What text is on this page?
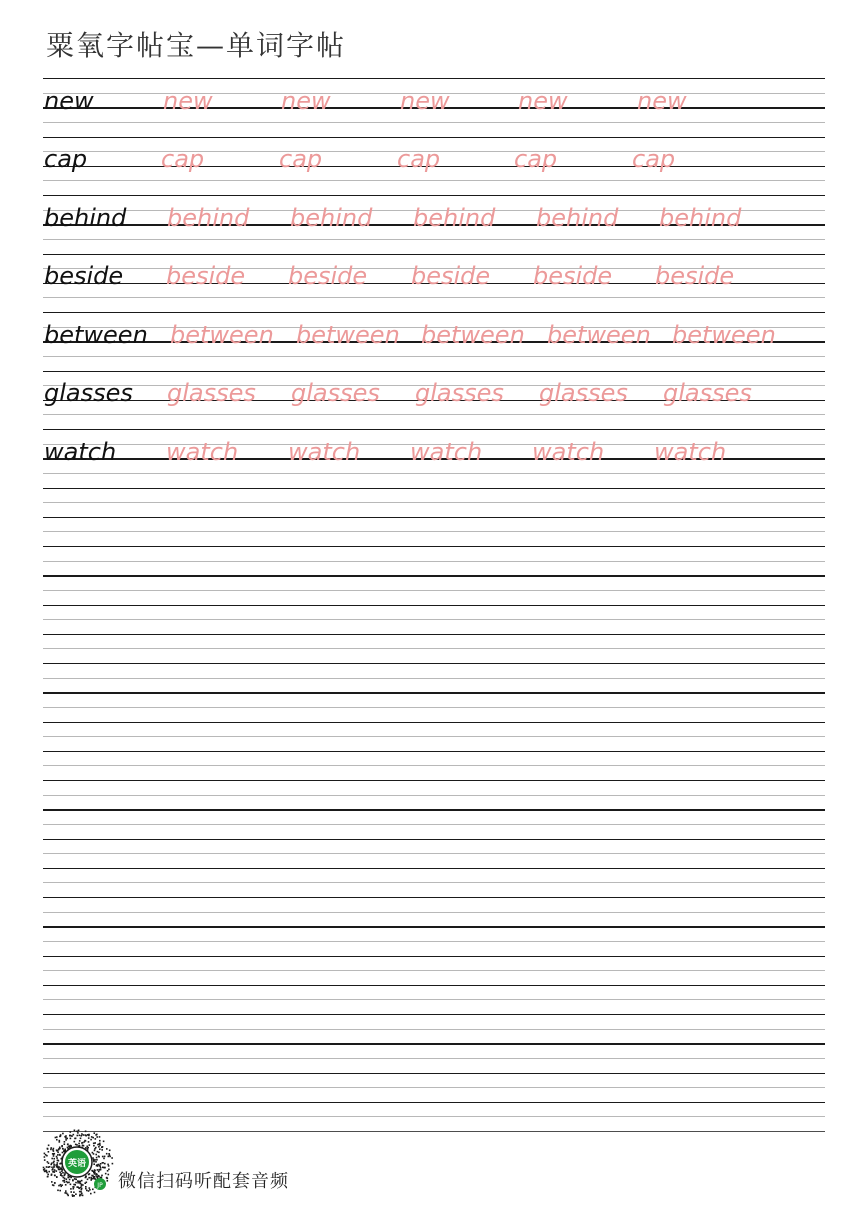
粟氧字帖宝—单词字帖
new	new	new	new	new	new
cap	cap	cap	cap	cap	cap
behind behind behind behind behind behind
beside beside beside beside beside beside
between between between between between between
glasses glasses glasses glasses glasses glasses
watch watch watch watch watch watch
英语
JP 微信扫码听配套音频
